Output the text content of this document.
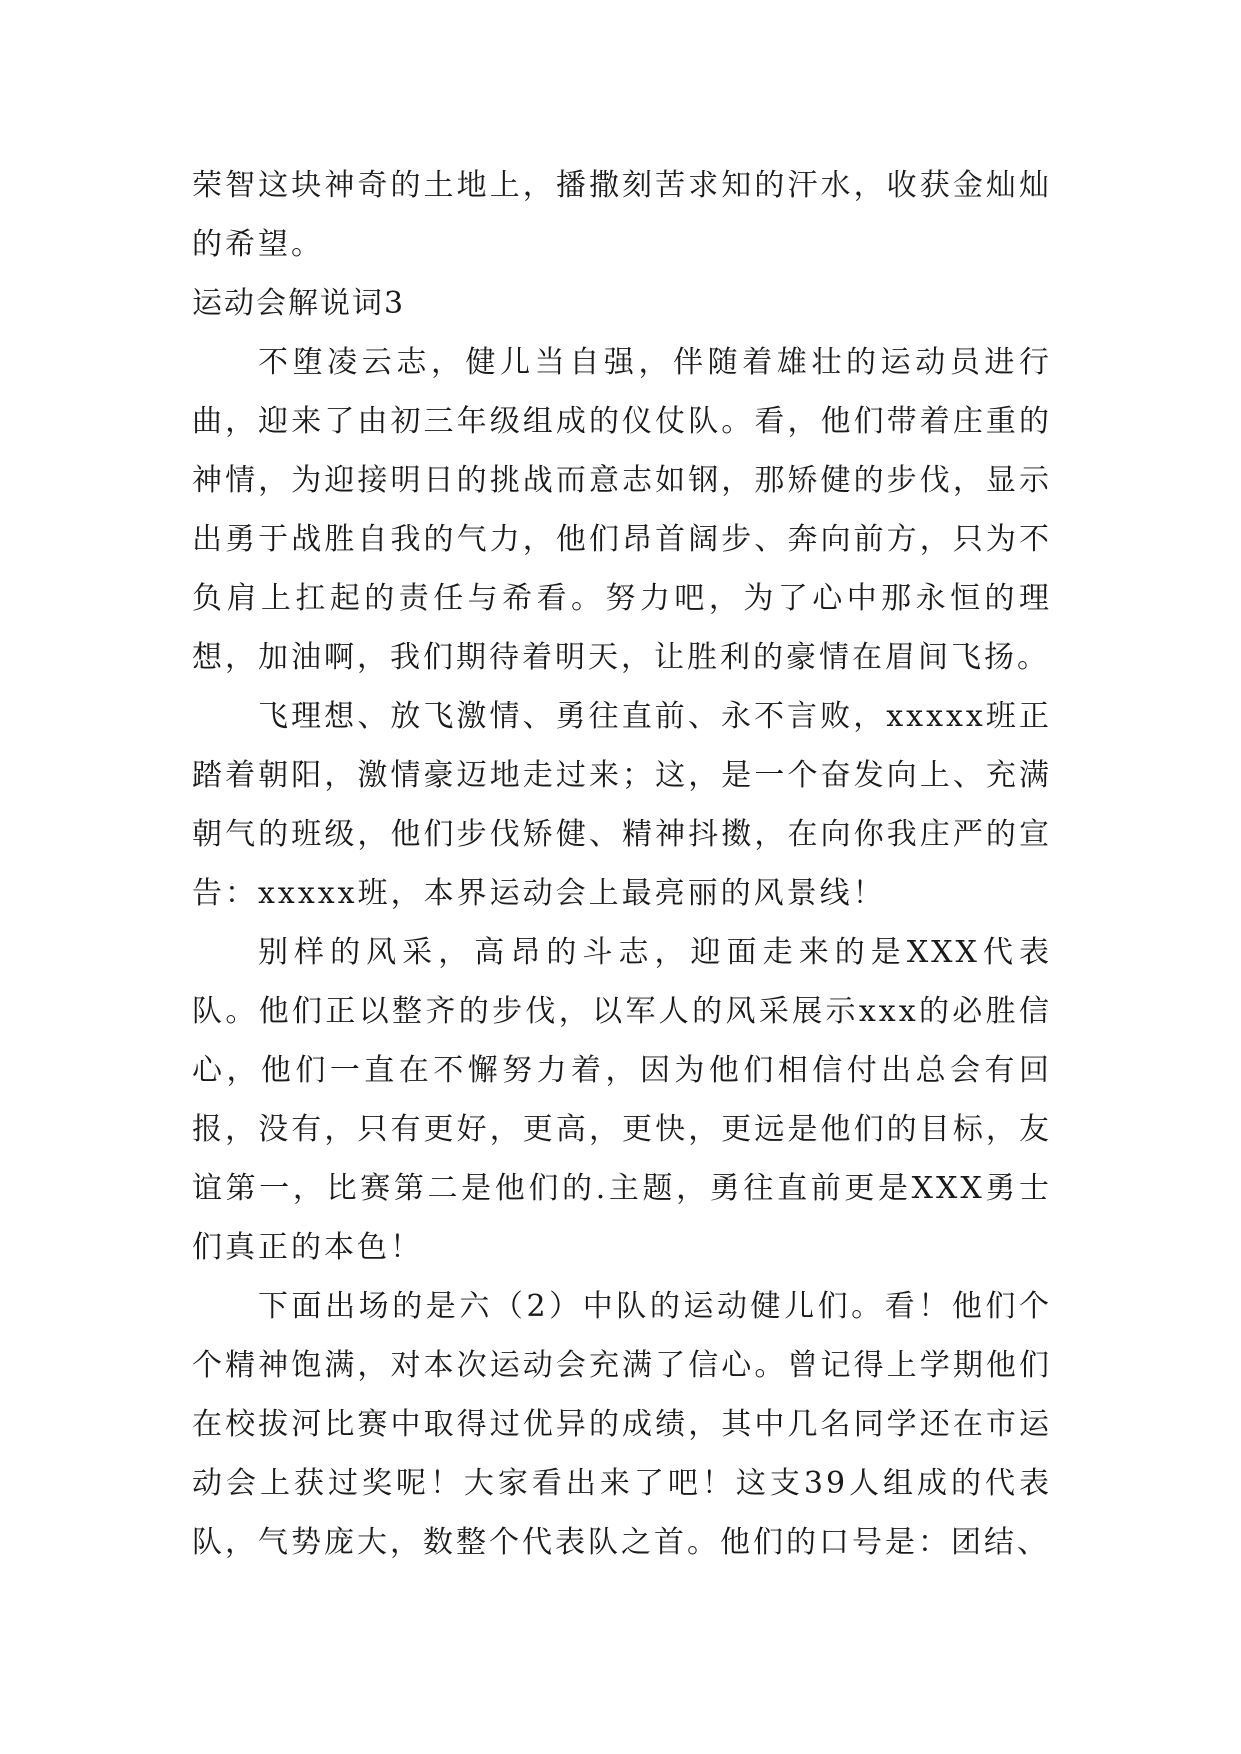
荣智这块神奇的土地上，播撒刻苦求知的汗水，收获金灿灿的希望。

运动会解说词3

不堕凌云志，健儿当自强，伴随着雄壮的运动员进行曲，迎来了由初三年级组成的仪仗队。看，他们带着庄重的神情，为迎接明日的挑战而意志如钢，那矫健的步伐，显示出勇于战胜自我的气力，他们昂首阔步、奔向前方，只为不负肩上扛起的责任与希看。努力吧，为了心中那永恒的理想，加油啊，我们期待着明天，让胜利的豪情在眉间飞扬。

飞理想、放飞激情、勇往直前、永不言败，xxxxx班正踏着朝阳，激情豪迈地走过来；这，是一个奋发向上、充满朝气的班级，他们步伐矫健、精神抖擞，在向你我庄严的宣告：xxxxx班，本界运动会上最亮丽的风景线！

别样的风采，高昂的斗志，迎面走来的是XXX代表队。他们正以整齐的步伐，以军人的风采展示xxx的必胜信心，他们一直在不懈努力着，因为他们相信付出总会有回报，没有，只有更好，更高，更快，更远是他们的目标，友谊第一，比赛第二是他们的.主题，勇往直前更是XXX勇士们真正的本色！

下面出场的是六（2）中队的运动健儿们。看！他们个个精神饱满，对本次运动会充满了信心。曾记得上学期他们在校拔河比赛中取得过优异的成绩，其中几名同学还在市运动会上获过奖呢！大家看出来了吧！这支39人组成的代表队，气势庞大，数整个代表队之首。他们的口号是：团结、
